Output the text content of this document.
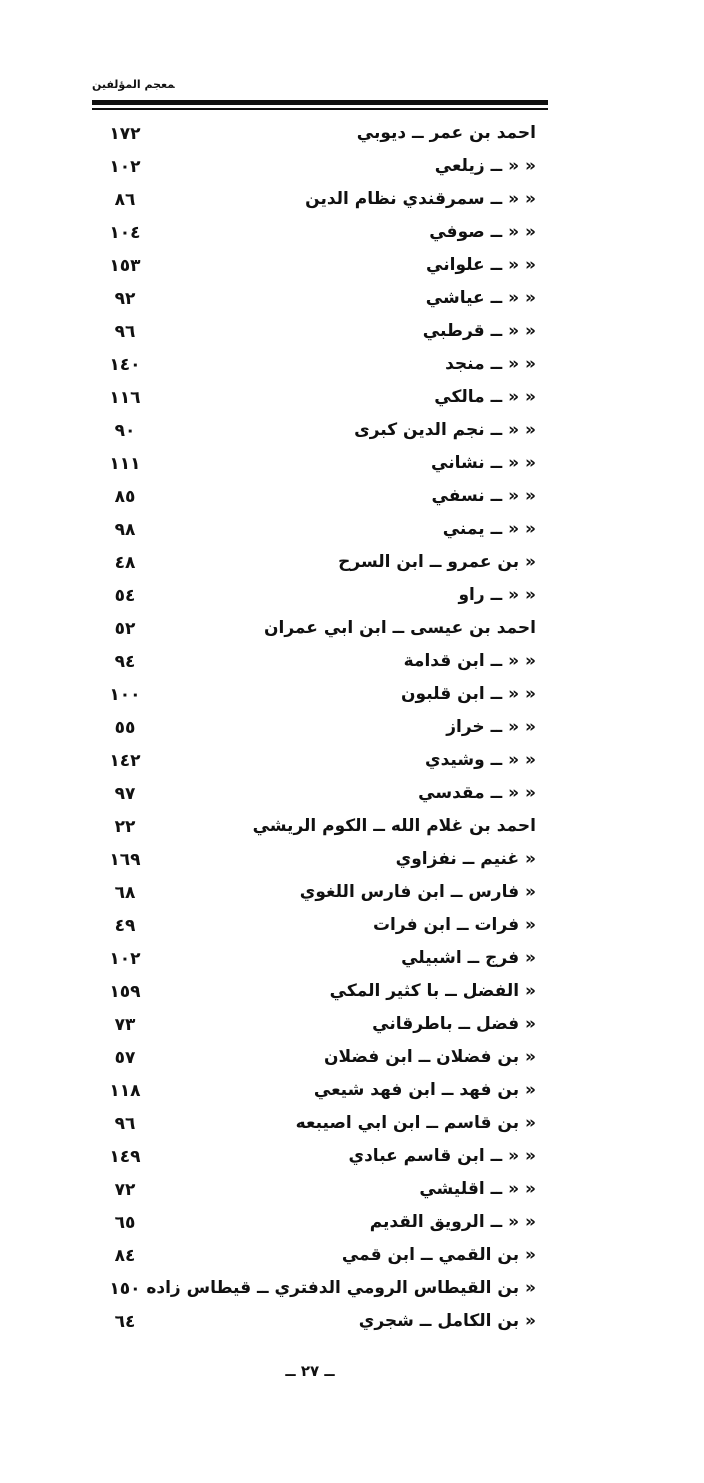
ﻤﻌﺠﻢ ﺍﻟﻤﺆﻟﻔﻴﻦ
احمد بن عمر ــ ديوبي
١٧٢
« « ــ زيلعي
١٠٢
« « ــ سمرقندي نظام الدين
٨٦
« « ــ صوفي
١٠٤
« « ــ علواني
١٥٣
« « ــ عياشي
٩٢
« « ــ قرطبي
٩٦
« « ــ منجد
١٤٠
« « ــ مالكي
١١٦
« « ــ نجم الدين كبرى
٩٠
« « ــ نشاني
١١١
« « ــ نسفي
٨٥
« « ــ يمني
٩٨
« بن عمرو ــ ابن السرح
٤٨
« « ــ راو
٥٤
احمد بن عيسى ــ ابن ابي عمران
٥٢
« « ــ ابن قدامة
٩٤
« « ــ ابن قلبون
١٠٠
« « ــ خراز
٥٥
« « ــ وشيدي
١٤٢
« « ــ مقدسي
٩٧
احمد بن غلام الله ــ الكوم الريشي
٢٢
« غنيم ــ نفزاوي
١٦٩
« فارس ــ ابن فارس اللغوي
٦٨
« فرات ــ ابن فرات
٤٩
« فرج ــ اشبيلي
١٠٢
« الفضل ــ با كثير المكي
١٥٩
« فضل ــ باطرقاني
٧٣
« بن فضلان ــ ابن فضلان
٥٧
« بن فهد ــ ابن فهد شيعي
١١٨
« بن قاسم ــ ابن ابي اصيبعه
٩٦
« « ــ ابن قاسم عبادي
١٤٩
« « ــ اقليشي
٧٢
« « ــ الرويق القديم
٦٥
« بن القمي ــ ابن قمي
٨٤
« بن القيطاس الرومي الدفتري ــ قيطاس زاده
١٥٠
« بن الكامل ــ شجري
٦٤
ــ ٢٧ ــ
